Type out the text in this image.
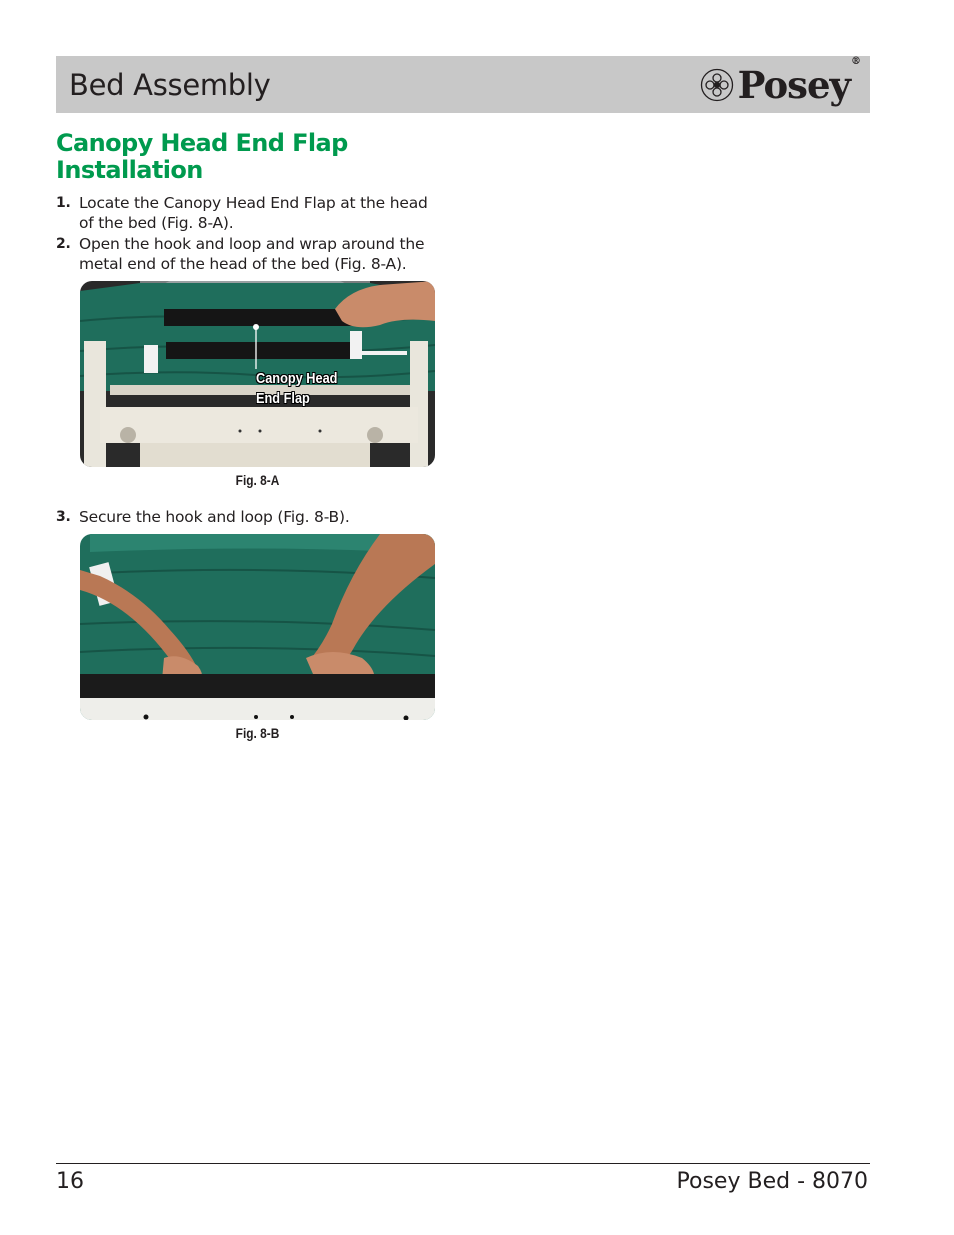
Bed Assembly	Posey®
Canopy Head End Flap
Installation
1. Locate the Canopy Head End Flap at the head of the bed (Fig. 8-A).
2. Open the hook and loop and wrap around the metal end of the head of the bed (Fig. 8-A).
Fig. 8-A
3. Secure the hook and loop (Fig. 8-B).
Fig. 8-B
16	Posey Bed - 8070
